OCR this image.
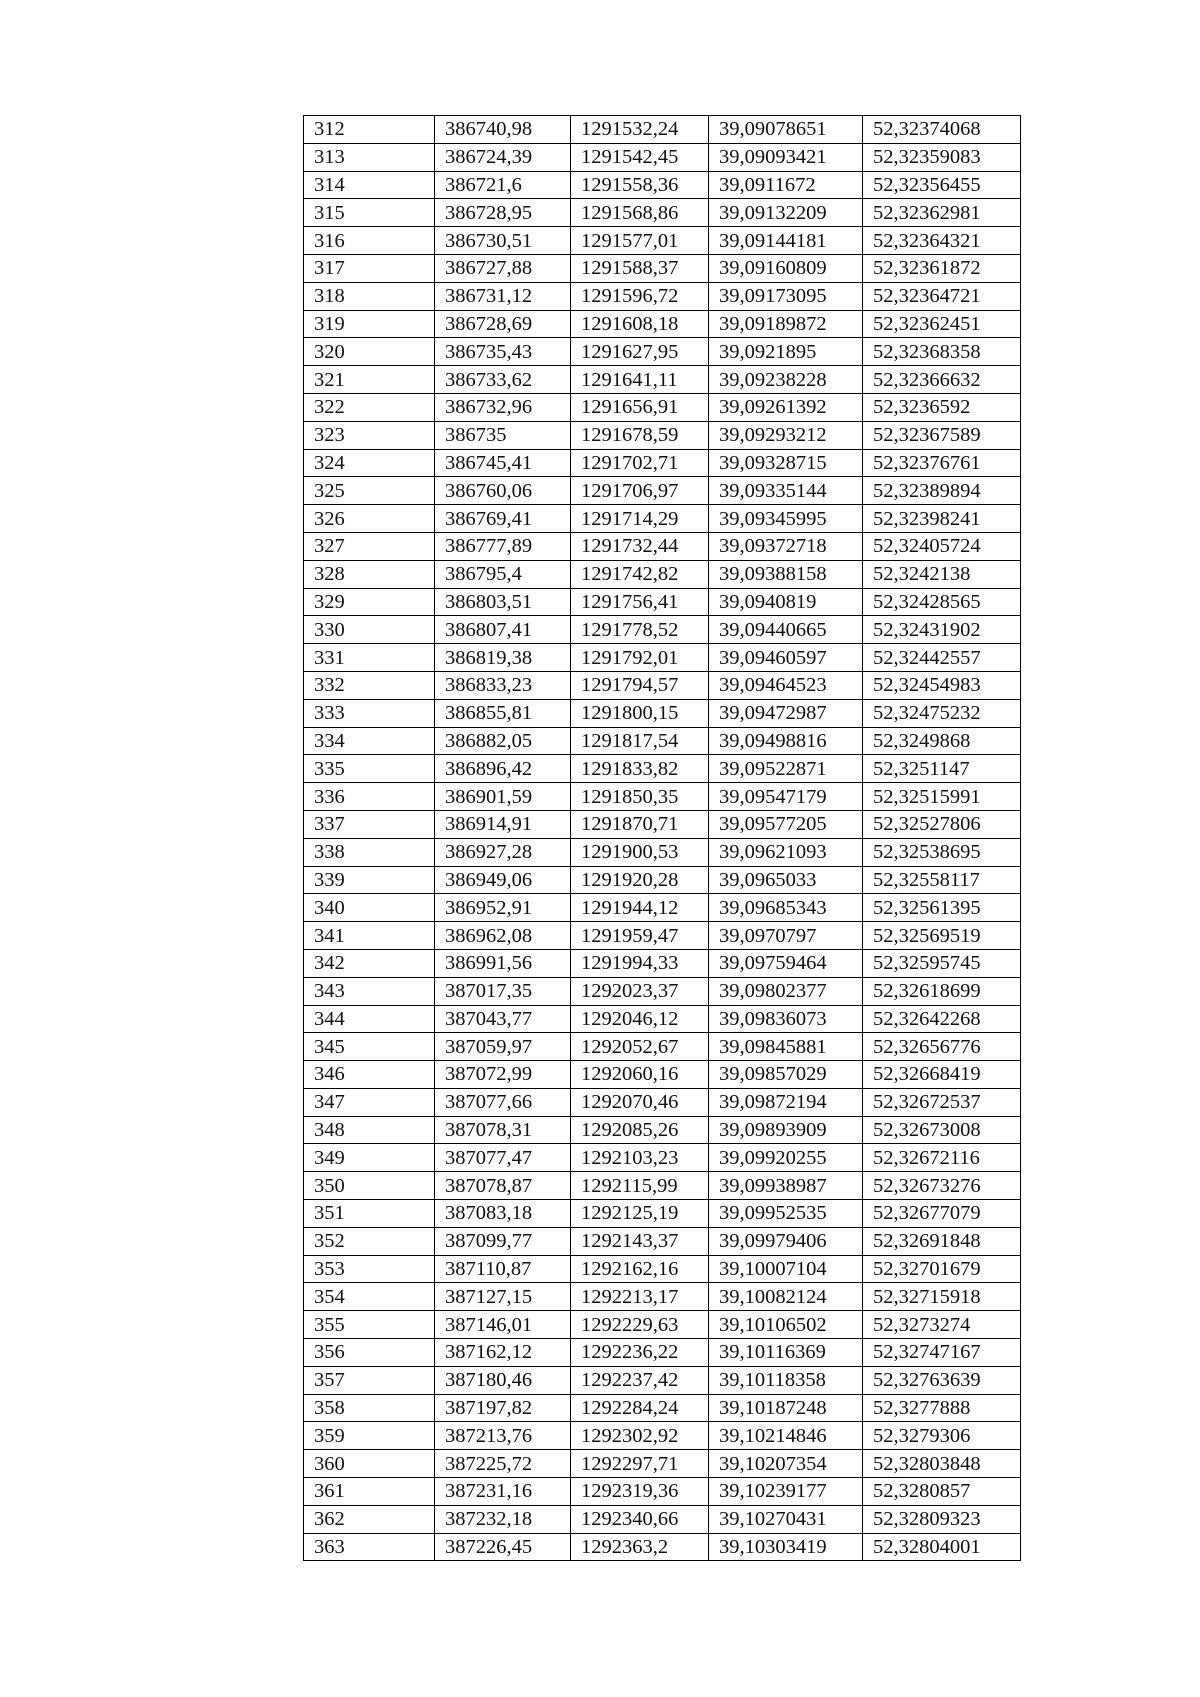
312	386740,98	1291532,24	39,09078651	52,32374068
313	386724,39	1291542,45	39,09093421	52,32359083
314	386721,6	1291558,36	39,0911672	52,32356455
315	386728,95	1291568,86	39,09132209	52,32362981
316	386730,51	1291577,01	39,09144181	52,32364321
317	386727,88	1291588,37	39,09160809	52,32361872
318	386731,12	1291596,72	39,09173095	52,32364721
319	386728,69	1291608,18	39,09189872	52,32362451
320	386735,43	1291627,95	39,0921895	52,32368358
321	386733,62	1291641,11	39,09238228	52,32366632
322	386732,96	1291656,91	39,09261392	52,3236592
323	386735	1291678,59	39,09293212	52,32367589
324	386745,41	1291702,71	39,09328715	52,32376761
325	386760,06	1291706,97	39,09335144	52,32389894
326	386769,41	1291714,29	39,09345995	52,32398241
327	386777,89	1291732,44	39,09372718	52,32405724
328	386795,4	1291742,82	39,09388158	52,3242138
329	386803,51	1291756,41	39,0940819	52,32428565
330	386807,41	1291778,52	39,09440665	52,32431902
331	386819,38	1291792,01	39,09460597	52,32442557
332	386833,23	1291794,57	39,09464523	52,32454983
333	386855,81	1291800,15	39,09472987	52,32475232
334	386882,05	1291817,54	39,09498816	52,3249868
335	386896,42	1291833,82	39,09522871	52,3251147
336	386901,59	1291850,35	39,09547179	52,32515991
337	386914,91	1291870,71	39,09577205	52,32527806
338	386927,28	1291900,53	39,09621093	52,32538695
339	386949,06	1291920,28	39,0965033	52,32558117
340	386952,91	1291944,12	39,09685343	52,32561395
341	386962,08	1291959,47	39,0970797	52,32569519
342	386991,56	1291994,33	39,09759464	52,32595745
343	387017,35	1292023,37	39,09802377	52,32618699
344	387043,77	1292046,12	39,09836073	52,32642268
345	387059,97	1292052,67	39,09845881	52,32656776
346	387072,99	1292060,16	39,09857029	52,32668419
347	387077,66	1292070,46	39,09872194	52,32672537
348	387078,31	1292085,26	39,09893909	52,32673008
349	387077,47	1292103,23	39,09920255	52,32672116
350	387078,87	1292115,99	39,09938987	52,32673276
351	387083,18	1292125,19	39,09952535	52,32677079
352	387099,77	1292143,37	39,09979406	52,32691848
353	387110,87	1292162,16	39,10007104	52,32701679
354	387127,15	1292213,17	39,10082124	52,32715918
355	387146,01	1292229,63	39,10106502	52,3273274
356	387162,12	1292236,22	39,10116369	52,32747167
357	387180,46	1292237,42	39,10118358	52,32763639
358	387197,82	1292284,24	39,10187248	52,3277888
359	387213,76	1292302,92	39,10214846	52,3279306
360	387225,72	1292297,71	39,10207354	52,32803848
361	387231,16	1292319,36	39,10239177	52,3280857
362	387232,18	1292340,66	39,10270431	52,32809323
363	387226,45	1292363,2	39,10303419	52,32804001
